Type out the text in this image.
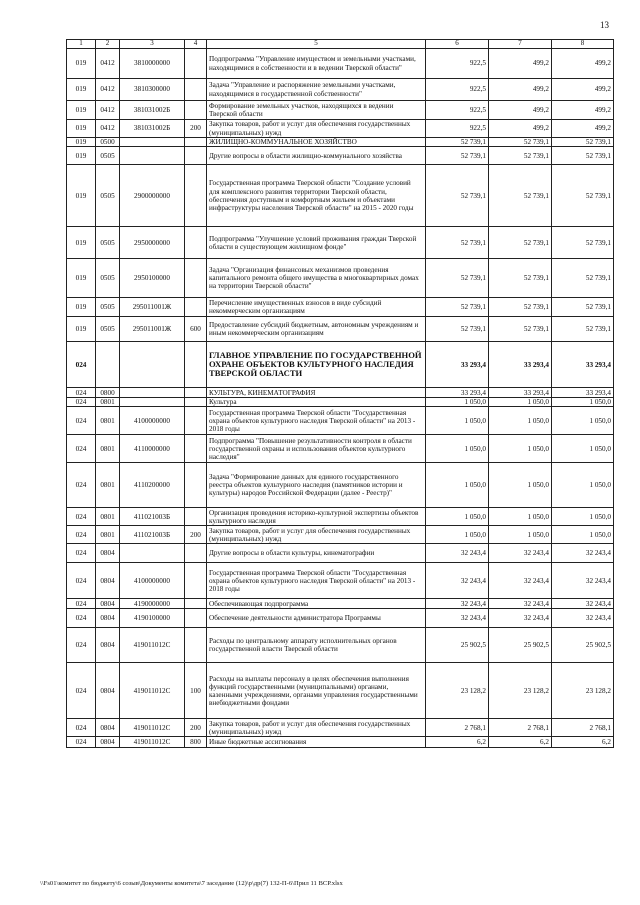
13
1	2	3	4	5	6	7	8
019	0412	3810000000		Подпрограмма "Управление имуществом и земельными участками, находящимися в собственности и в ведении Тверской области"	922,5	499,2	499,2
019	0412	3810300000		Задача "Управление и распоряжение земельными участками, находящимися в государственной собственности"	922,5	499,2	499,2
019	0412	381031002Б		Формирование земельных участков, находящихся в ведении Тверской области	922,5	499,2	499,2
019	0412	381031002Б	200	Закупка товаров, работ и услуг для обеспечения государственных (муниципальных) нужд	922,5	499,2	499,2
019	0500			ЖИЛИЩНО-КОММУНАЛЬНОЕ ХОЗЯЙСТВО	52 739,1	52 739,1	52 739,1
019	0505			Другие вопросы в области жилищно-коммунального хозяйства	52 739,1	52 739,1	52 739,1
019	0505	2900000000		Государственная программа Тверской области "Создание условий для комплексного развития территории Тверской области, обеспечения доступным и комфортным жильем и объектами инфраструктуры населения Тверской области" на 2015 - 2020 годы	52 739,1	52 739,1	52 739,1
019	0505	2950000000		Подпрограмма "Улучшение условий проживания граждан Тверской области в существующем жилищном фонде"	52 739,1	52 739,1	52 739,1
019	0505	2950100000		Задача "Организация финансовых механизмов проведения капитального ремонта общего имущества в многоквартирных домах на территории Тверской области"	52 739,1	52 739,1	52 739,1
019	0505	295011001Ж		Перечисление имущественных взносов в виде субсидий некоммерческим организациям	52 739,1	52 739,1	52 739,1
019	0505	295011001Ж	600	Предоставление субсидий бюджетным, автономным учреждениям и иным некоммерческим организациям	52 739,1	52 739,1	52 739,1
024				ГЛАВНОЕ УПРАВЛЕНИЕ ПО ГОСУДАРСТВЕННОЙ ОХРАНЕ ОБЪЕКТОВ КУЛЬТУРНОГО НАСЛЕДИЯ ТВЕРСКОЙ ОБЛАСТИ	33 293,4	33 293,4	33 293,4
024	0800			КУЛЬТУРА, КИНЕМАТОГРАФИЯ	33 293,4	33 293,4	33 293,4
024	0801			Культура	1 050,0	1 050,0	1 050,0
024	0801	4100000000		Государственная программа Тверской области "Государственная охрана объектов культурного наследия Тверской области" на 2013 - 2018 годы	1 050,0	1 050,0	1 050,0
024	0801	4110000000		Подпрограмма "Повышение результативности контроля в области государственной охраны и использования объектов культурного наследия"	1 050,0	1 050,0	1 050,0
024	0801	4110200000		Задача "Формирование данных для единого государственного реестра объектов культурного наследия (памятников истории и культуры) народов Российской Федерации (далее - Реестр)"	1 050,0	1 050,0	1 050,0
024	0801	411021003Б		Организация проведения историко-культурной экспертизы объектов культурного наследия	1 050,0	1 050,0	1 050,0
024	0801	411021003Б	200	Закупка товаров, работ и услуг для обеспечения государственных (муниципальных) нужд	1 050,0	1 050,0	1 050,0
024	0804			Другие вопросы в области культуры, кинематографии	32 243,4	32 243,4	32 243,4
024	0804	4100000000		Государственная программа Тверской области "Государственная охрана объектов культурного наследия Тверской области" на 2013 - 2018 годы	32 243,4	32 243,4	32 243,4
024	0804	4190000000		Обеспечивающая подпрограмма	32 243,4	32 243,4	32 243,4
024	0804	4190100000		Обеспечение деятельности администратора Программы	32 243,4	32 243,4	32 243,4
024	0804	419011012С		Расходы по центральному аппарату исполнительных органов государственной власти Тверской области	25 902,5	25 902,5	25 902,5
024	0804	419011012С	100	Расходы на выплаты персоналу в целях обеспечения выполнения функций государственными (муниципальными) органами, казенными учреждениями, органами управления государственными внебюджетными фондами	23 128,2	23 128,2	23 128,2
024	0804	419011012С	200	Закупка товаров, работ и услуг для обеспечения государственных (муниципальных) нужд	2 768,1	2 768,1	2 768,1
024	0804	419011012С	800	Иные бюджетные ассигнования	6,2	6,2	6,2
\\Fs01\комитет по бюджету\6 созыв\Документы комитета\7 заседание (12)\р\др(7) 132-П-6\Прил 11 ВСР.xlsx
